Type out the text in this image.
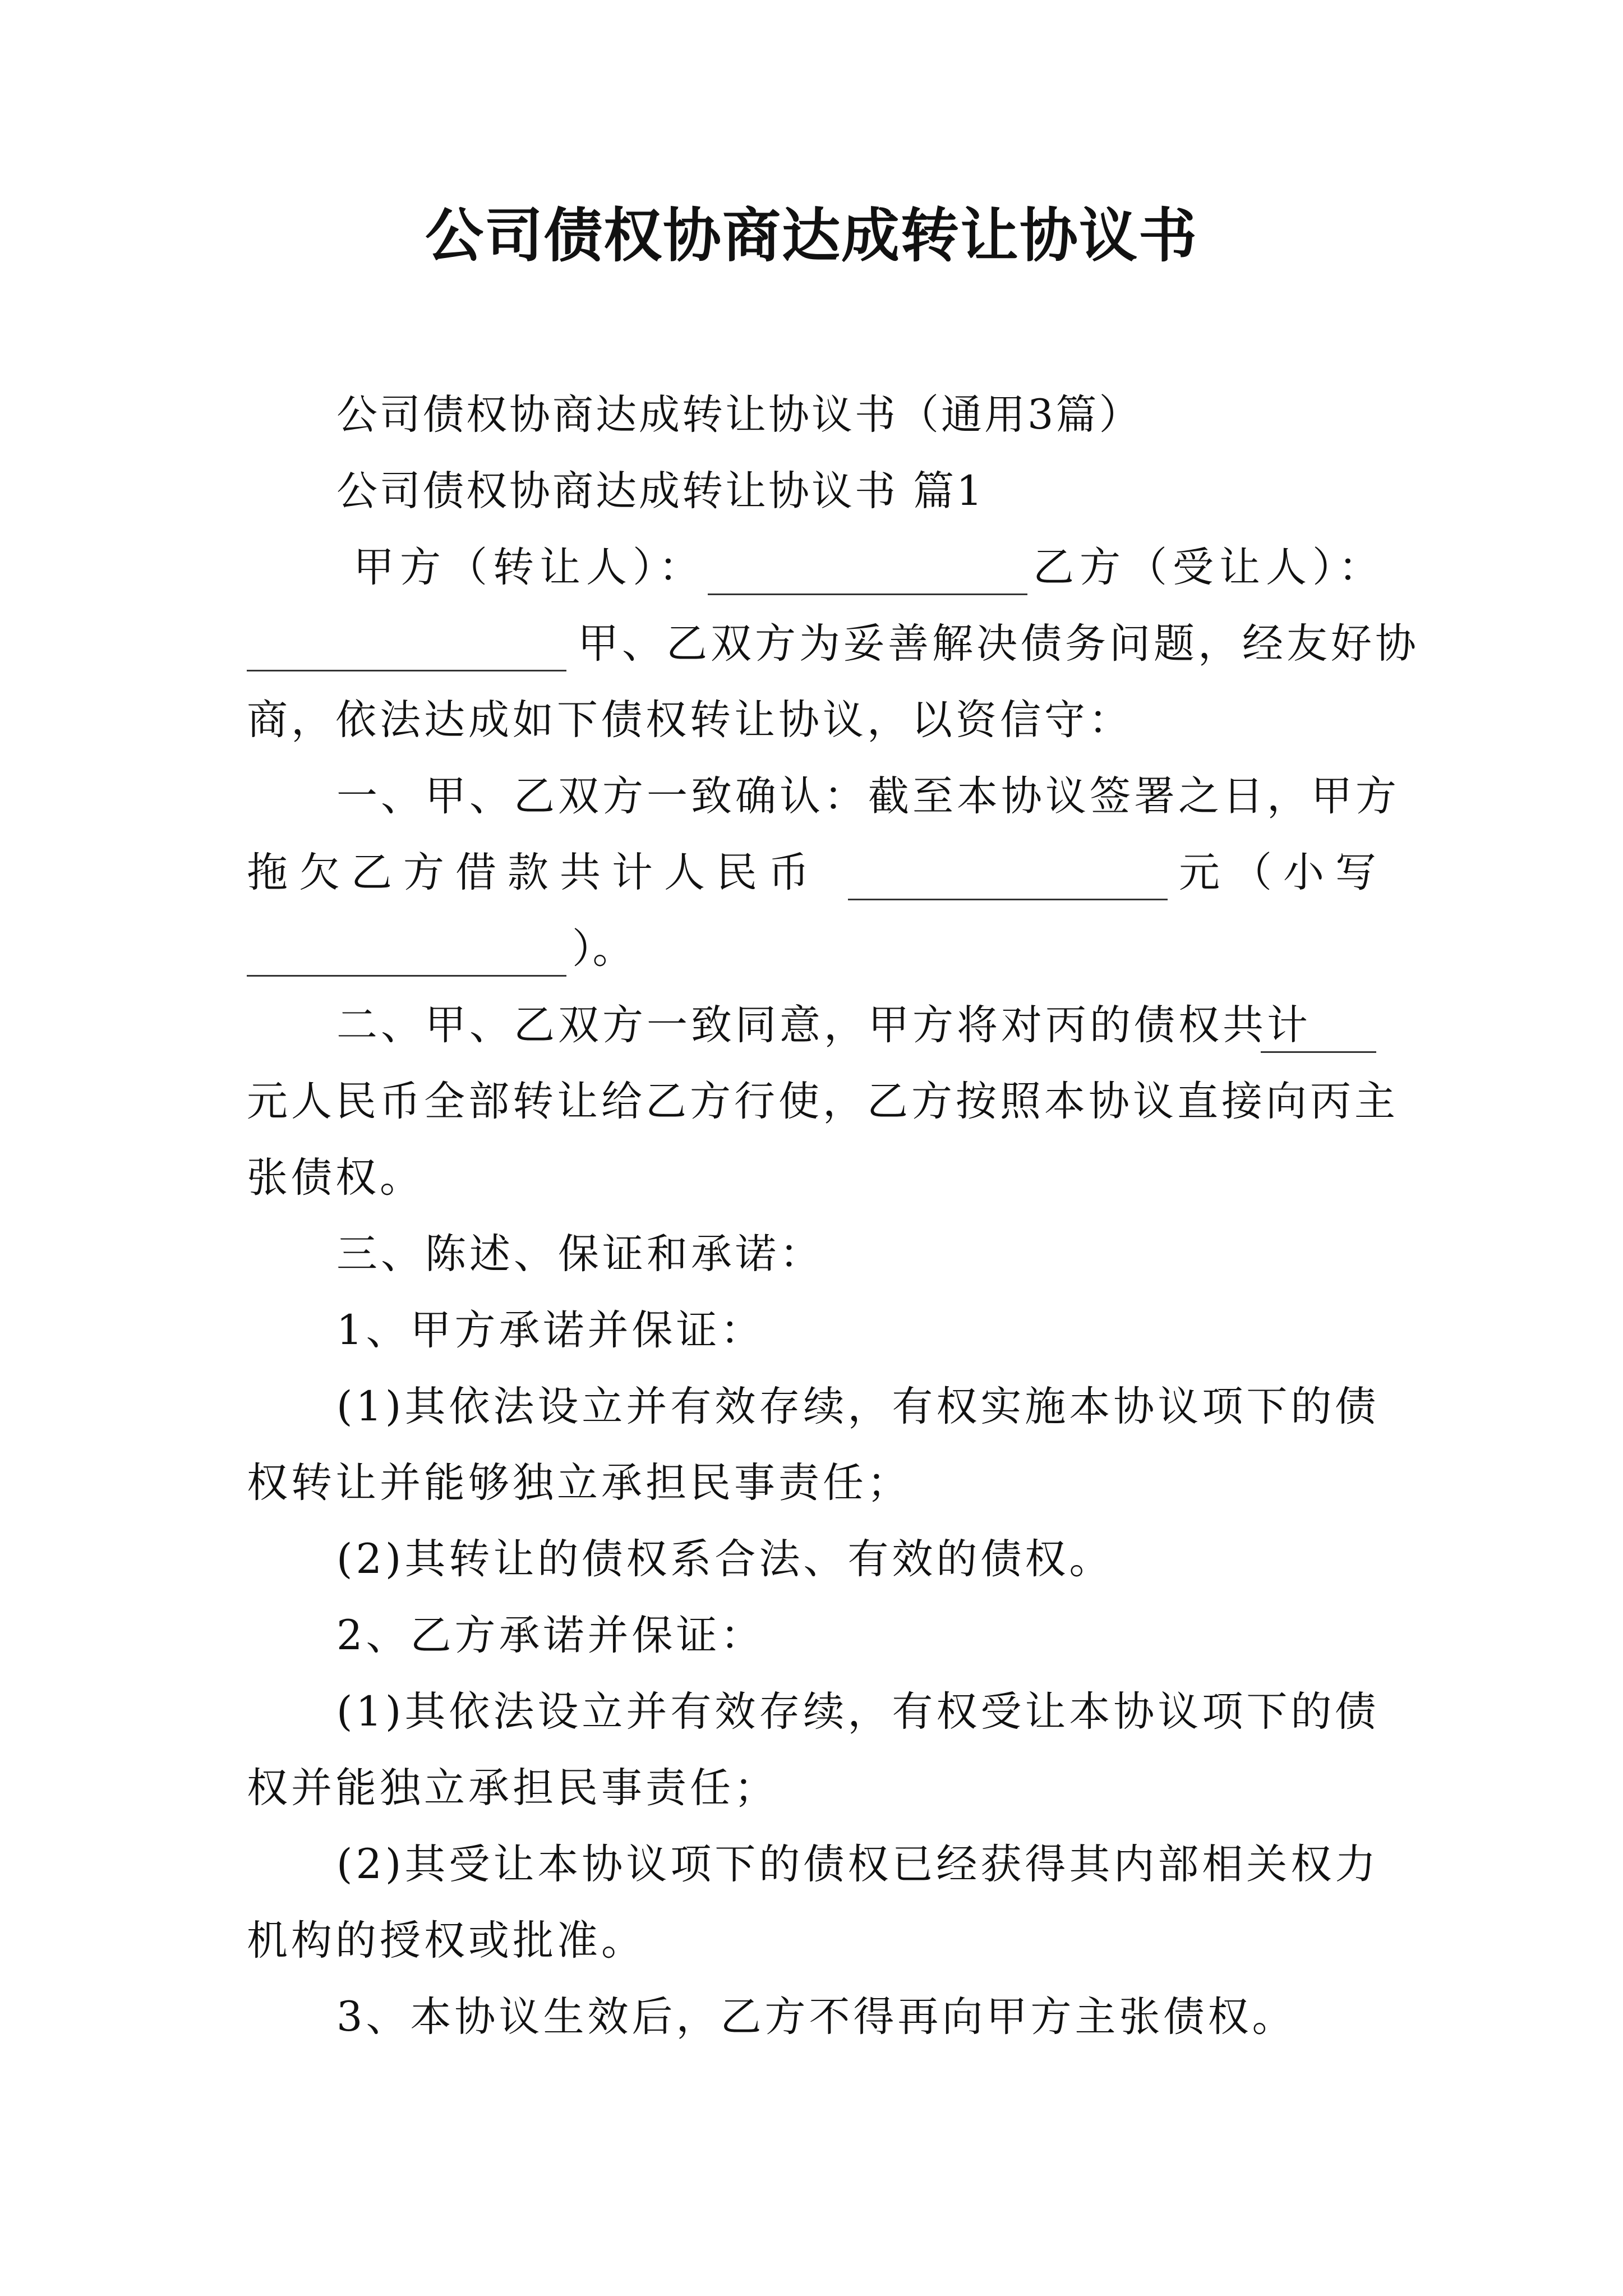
公司债权协商达成转让协议书
公司债权协商达成转让协议书（通用3篇）
公司债权协商达成转让协议书 篇1
甲方（转让人）：	乙方（受让人）：
甲、乙双方为妥善解决债务问题，经友好协
商，依法达成如下债权转让协议，以资信守：
一、甲、乙双方一致确认：截至本协议签署之日，甲方
拖欠乙方借款共计人民币	元（小写
）。
二、甲、乙双方一致同意，甲方将对丙的债权共计
元人民币全部转让给乙方行使，乙方按照本协议直接向丙主
张债权。
三、陈述、保证和承诺：
1、甲方承诺并保证：
(1)其依法设立并有效存续，有权实施本协议项下的债
权转让并能够独立承担民事责任；
(2)其转让的债权系合法、有效的债权。
2、乙方承诺并保证：
(1)其依法设立并有效存续，有权受让本协议项下的债
权并能独立承担民事责任；
(2)其受让本协议项下的债权已经获得其内部相关权力
机构的授权或批准。
3、本协议生效后，乙方不得再向甲方主张债权。
